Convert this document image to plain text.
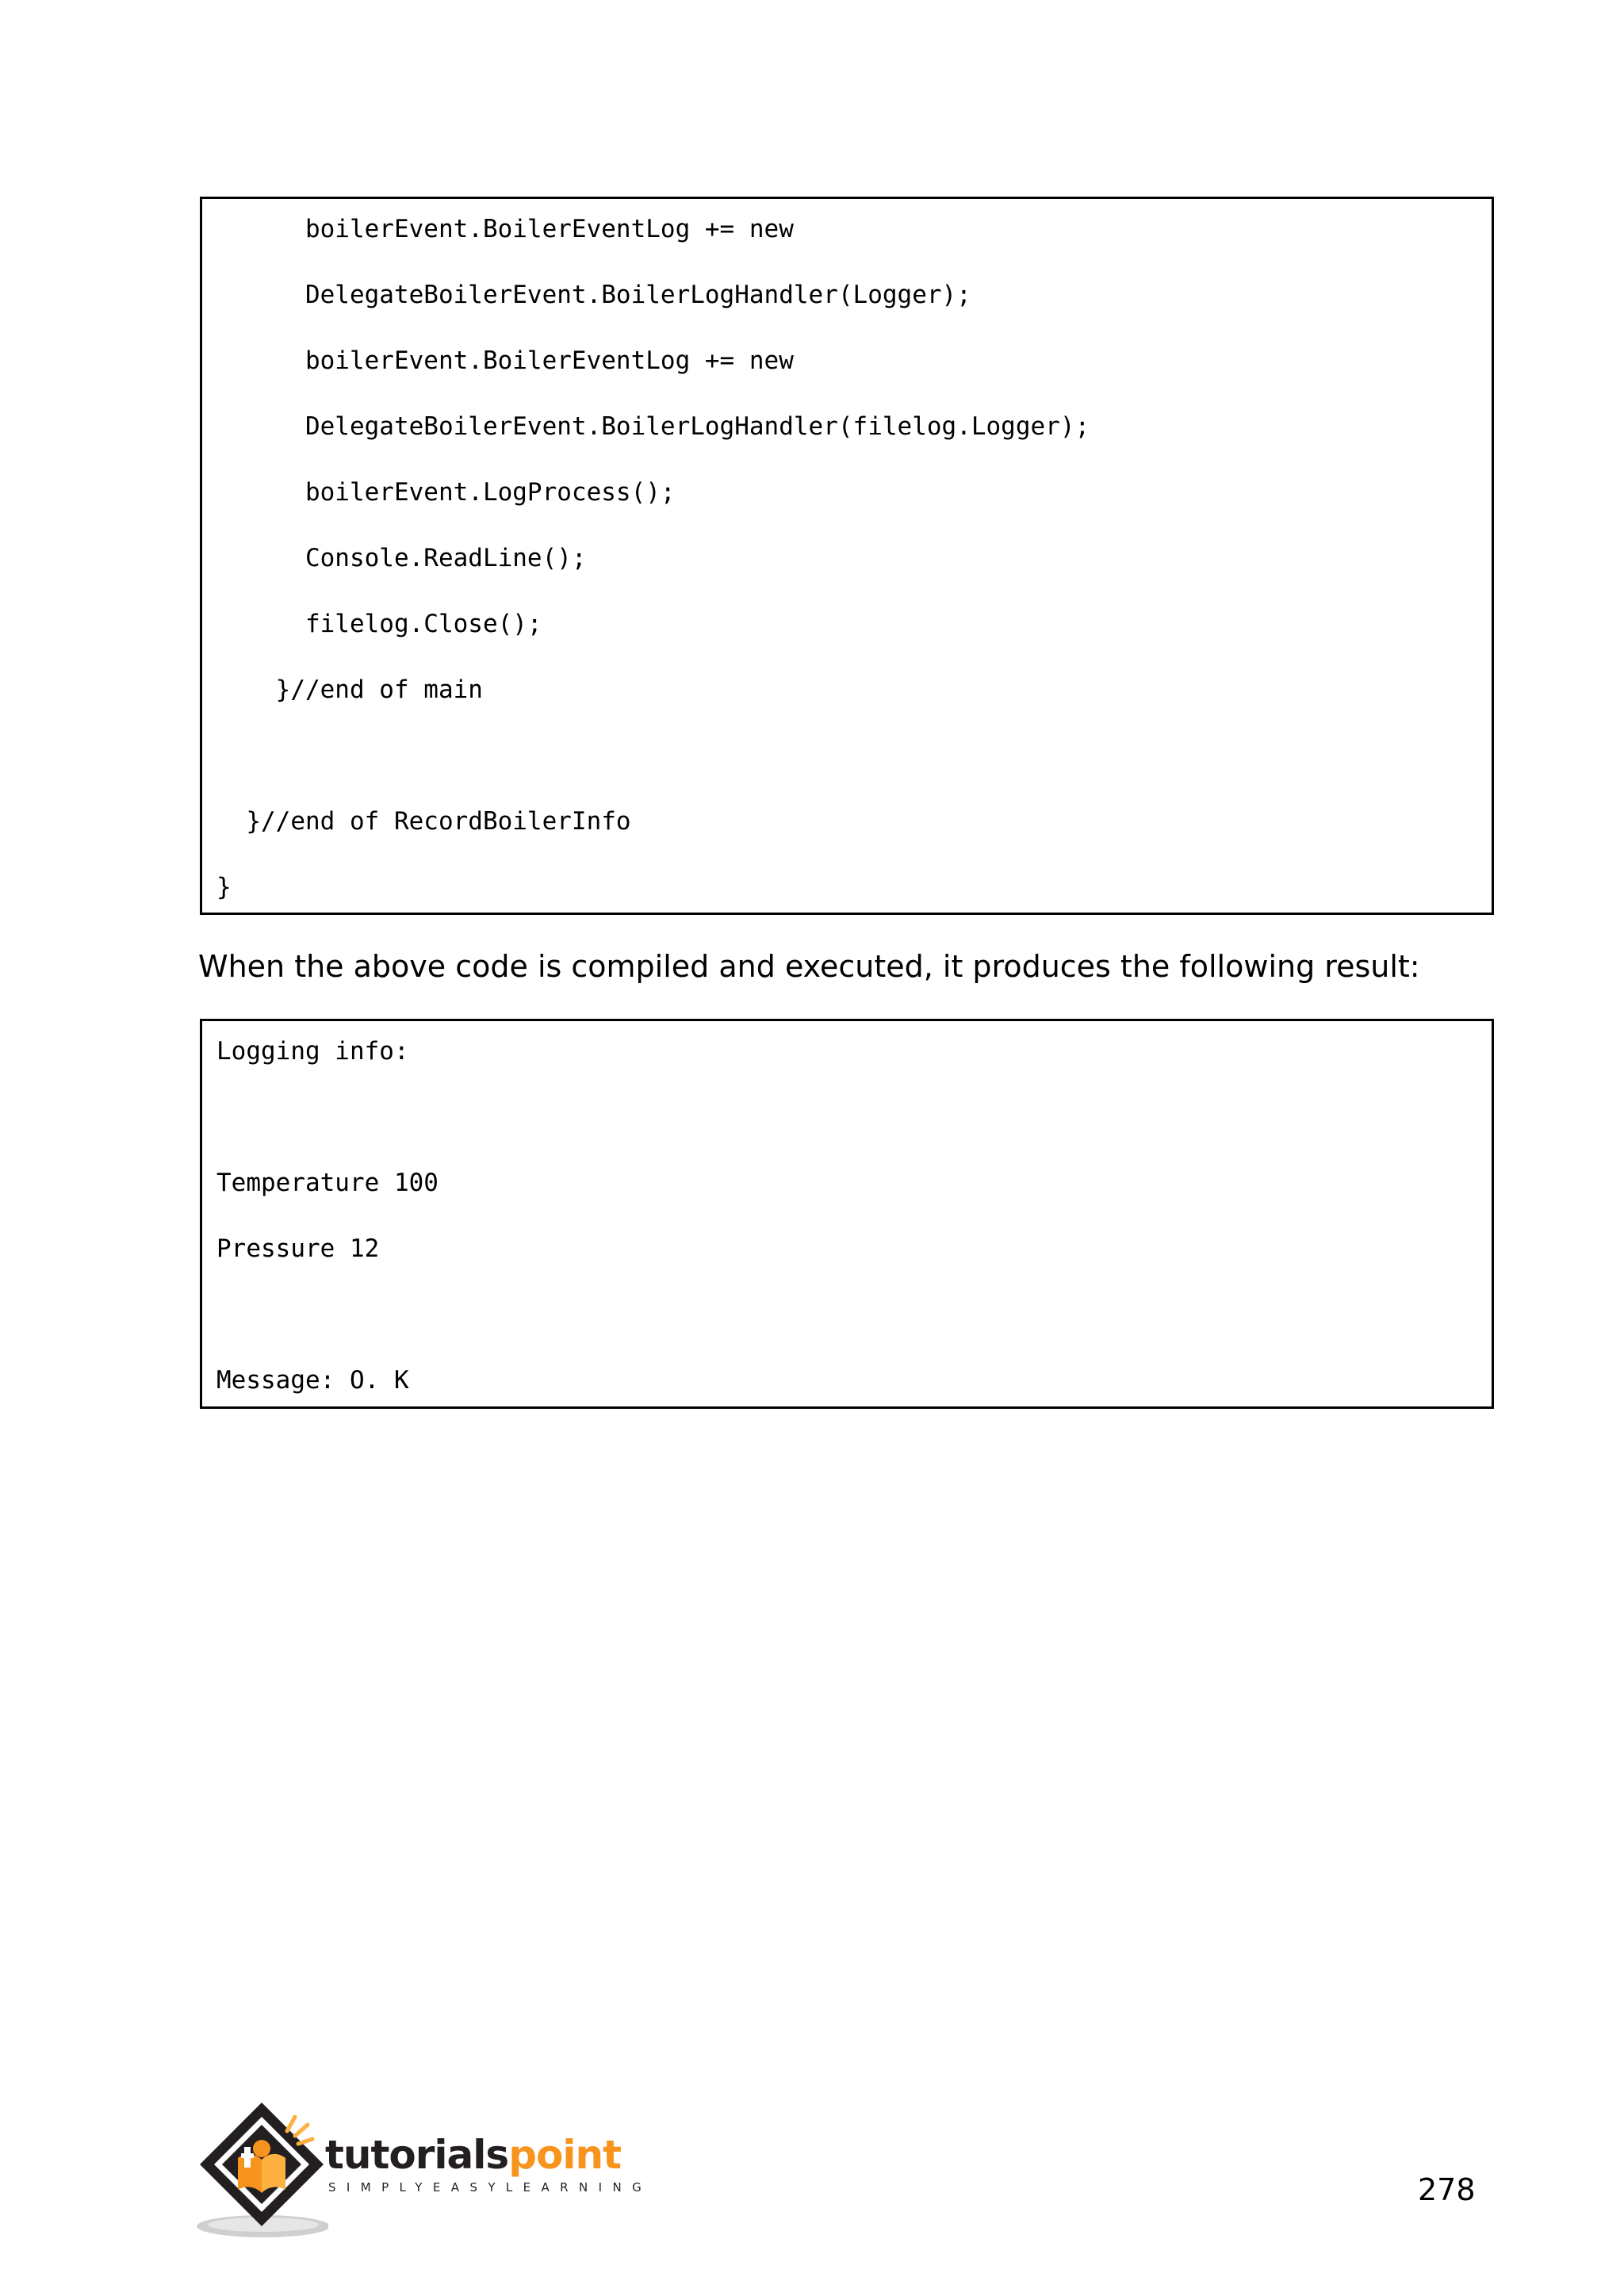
boilerEvent.BoilerEventLog += new
DelegateBoilerEvent.BoilerLogHandler(Logger);
boilerEvent.BoilerEventLog += new
DelegateBoilerEvent.BoilerLogHandler(filelog.Logger);
boilerEvent.LogProcess();
Console.ReadLine();
filelog.Close();
}//end of main
}//end of RecordBoilerInfo
}
When the above code is compiled and executed, it produces the following result:
Logging info:
Temperature 100
Pressure 12
Message: O. K
tutorialspoint
SIMPLYEASYLEARNING	278
